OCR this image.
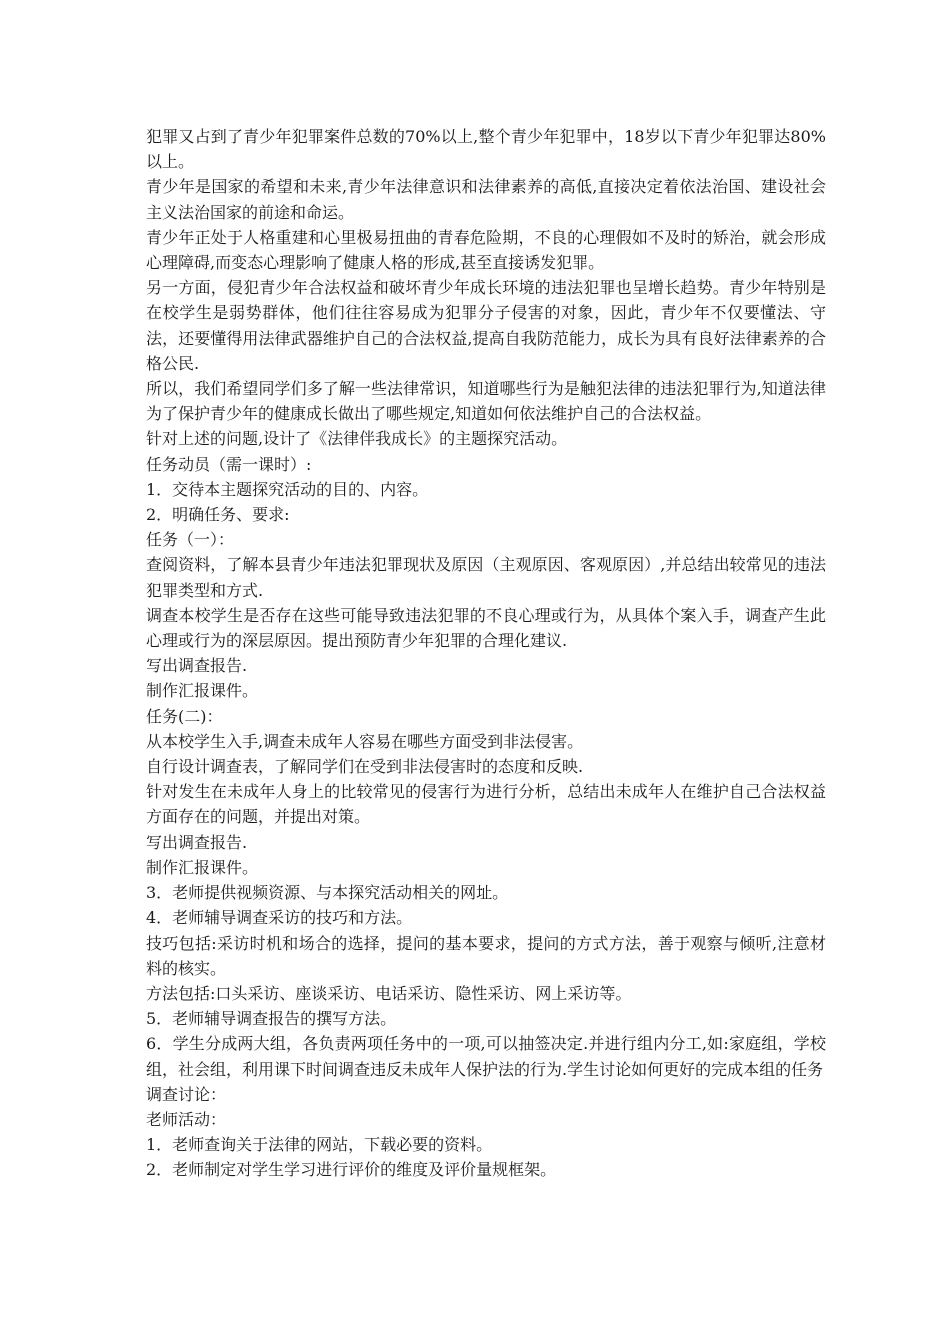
犯罪又占到了青少年犯罪案件总数的70%以上,整个青少年犯罪中，18岁以下青少年犯罪达80%以上。

青少年是国家的希望和未来,青少年法律意识和法律素养的高低,直接决定着依法治国、建设社会主义法治国家的前途和命运。

青少年正处于人格重建和心里极易扭曲的青春危险期，不良的心理假如不及时的矫治，就会形成心理障碍,而变态心理影响了健康人格的形成,甚至直接诱发犯罪。

另一方面，侵犯青少年合法权益和破坏青少年成长环境的违法犯罪也呈增长趋势。青少年特别是在校学生是弱势群体，他们往往容易成为犯罪分子侵害的对象，因此，青少年不仅要懂法、守法，还要懂得用法律武器维护自己的合法权益,提高自我防范能力，成长为具有良好法律素养的合格公民.

所以，我们希望同学们多了解一些法律常识，知道哪些行为是触犯法律的违法犯罪行为,知道法律为了保护青少年的健康成长做出了哪些规定,知道如何依法维护自己的合法权益。

针对上述的问题,设计了《法律伴我成长》的主题探究活动。

任务动员（需一课时）:

1．交待本主题探究活动的目的、内容。

2．明确任务、要求:

任务（一）：

查阅资料，了解本县青少年违法犯罪现状及原因（主观原因、客观原因）,并总结出较常见的违法犯罪类型和方式.

调查本校学生是否存在这些可能导致违法犯罪的不良心理或行为，从具体个案入手，调查产生此心理或行为的深层原因。提出预防青少年犯罪的合理化建议.

写出调查报告.

制作汇报课件。

任务(二)：

从本校学生入手,调查未成年人容易在哪些方面受到非法侵害。

自行设计调查表，了解同学们在受到非法侵害时的态度和反映.

针对发生在未成年人身上的比较常见的侵害行为进行分析，总结出未成年人在维护自己合法权益方面存在的问题，并提出对策。

写出调查报告.

制作汇报课件。

3．老师提供视频资源、与本探究活动相关的网址。

4．老师辅导调查采访的技巧和方法。

技巧包括:采访时机和场合的选择，提问的基本要求，提问的方式方法，善于观察与倾听,注意材料的核实。

方法包括:口头采访、座谈采访、电话采访、隐性采访、网上采访等。

5．老师辅导调查报告的撰写方法。

6．学生分成两大组，各负责两项任务中的一项,可以抽签决定.并进行组内分工,如:家庭组，学校组，社会组，利用课下时间调查违反未成年人保护法的行为.学生讨论如何更好的完成本组的任务

调查讨论：

老师活动：

1．老师查询关于法律的网站，下载必要的资料。

2．老师制定对学生学习进行评价的维度及评价量规框架。
